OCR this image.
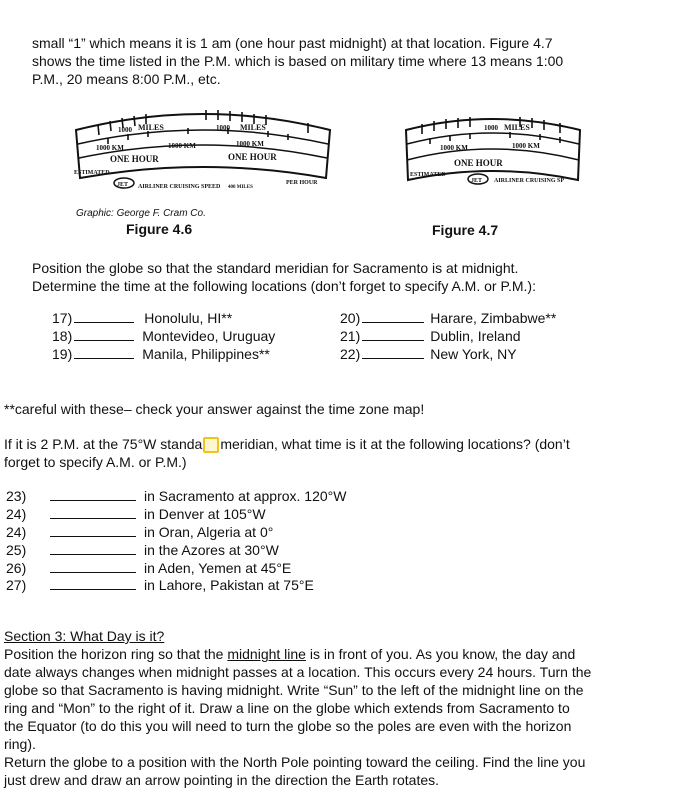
small “1” which means it is 1 am (one hour past midnight) at that location. Figure 4.7
shows the time listed in the P.M. which is based on military time where 13 means 1:00
P.M., 20 means 8:00 P.M., etc.
1000 MILES	1000 MILES
1000 KM	1000 KM	1000 KM
ONE HOUR	ONE HOUR
ESTIMATED
JET AIRLINER CRUISING SPEED 400 MILES
PER HOUR
Graphic: George F. Cram Co.
Figure 4.6
1000 MILES
1000 KM	1000 KM
ONE HOUR
ESTIMATED
JET AIRLINER CRUISING SP
Figure 4.7
Position the globe so that the standard meridian for Sacramento is at midnight.
Determine the time at the following locations (don’t forget to specify A.M. or P.M.):
17)	Honolulu, HI**
18)	Montevideo, Uruguay
19)	Manila, Philippines**
20)	Harare, Zimbabwe**
21)	Dublin, Ireland
22)	New York, NY
**careful with these– check your answer against the time zone map!
If it is 2 P.M. at the 75°W standa meridian, what time is it at the following locations? (don’t
forget to specify A.M. or P.M.)
23)	in Sacramento at approx. 120°W
24)	in Denver at 105°W
24)	in Oran, Algeria at 0°
25)	in the Azores at 30°W
26)	in Aden, Yemen at 45°E
27)	in Lahore, Pakistan at 75°E
Section 3: What Day is it?
Position the horizon ring so that the midnight line is in front of you. As you know, the day and
date always changes when midnight passes at a location. This occurs every 24 hours. Turn the
globe so that Sacramento is having midnight. Write “Sun” to the left of the midnight line on the
ring and “Mon” to the right of it. Draw a line on the globe which extends from Sacramento to
the Equator (to do this you will need to turn the globe so the poles are even with the horizon
ring).
Return the globe to a position with the North Pole pointing toward the ceiling. Find the line you
just drew and draw an arrow pointing in the direction the Earth rotates.
